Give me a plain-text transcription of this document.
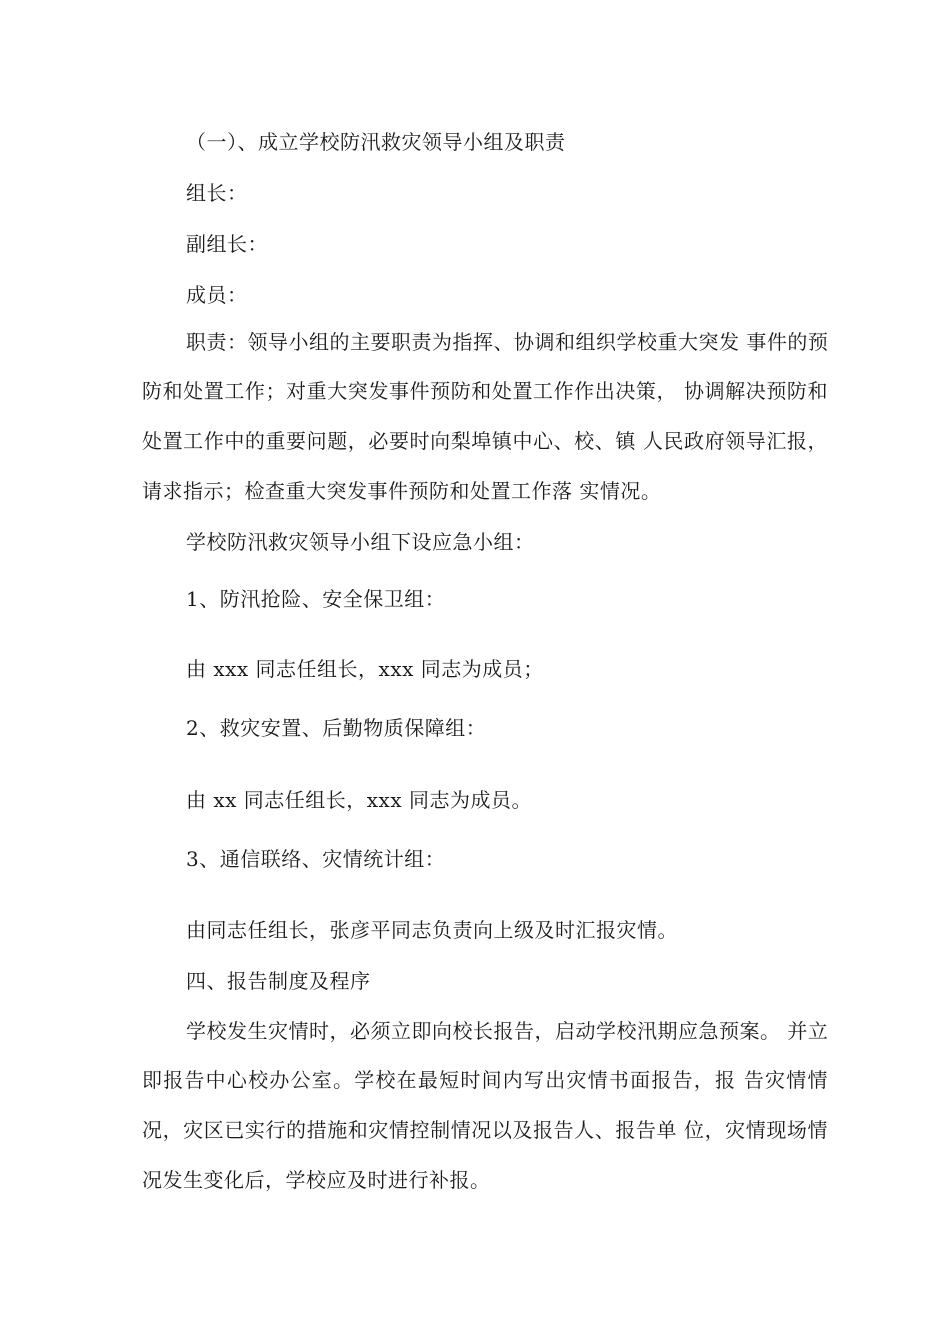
（一）、成立学校防汛救灾领导小组及职责
组长：
副组长：
成员：
职责：领导小组的主要职责为指挥、协调和组织学校重大突发 事件的预
防和处置工作；对重大突发事件预防和处置工作作出决策， 协调解决预防和
处置工作中的重要问题，必要时向梨埠镇中心、校、镇 人民政府领导汇报，
请求指示；检查重大突发事件预防和处置工作落 实情况。
学校防汛救灾领导小组下设应急小组：
1、防汛抢险、安全保卫组：
由 xxx 同志任组长，xxx 同志为成员；
2、救灾安置、后勤物质保障组：
由 xx 同志任组长，xxx 同志为成员。
3、通信联络、灾情统计组：
由同志任组长，张彦平同志负责向上级及时汇报灾情。
四、报告制度及程序
学校发生灾情时，必须立即向校长报告，启动学校汛期应急预案。 并立
即报告中心校办公室。学校在最短时间内写出灾情书面报告，报 告灾情情
况，灾区已实行的措施和灾情控制情况以及报告人、报告单 位，灾情现场情
况发生变化后，学校应及时进行补报。
